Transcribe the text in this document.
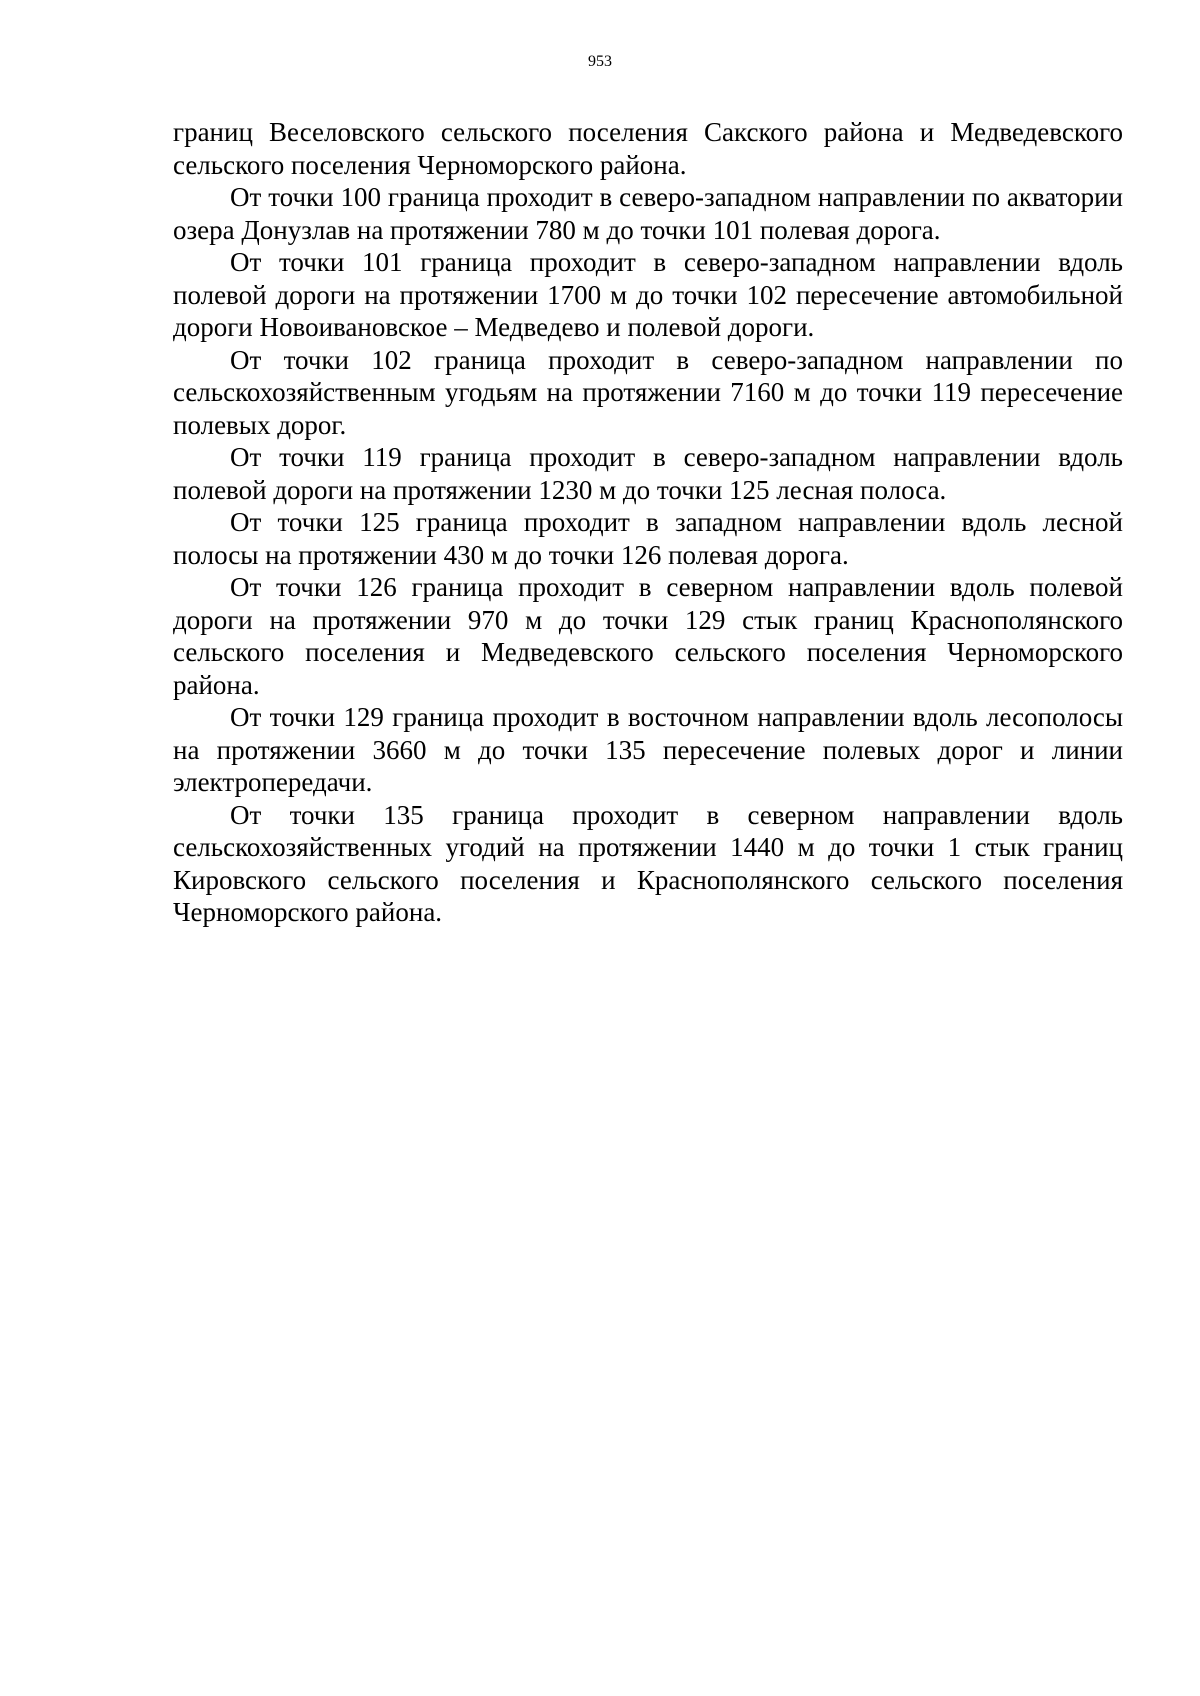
953

границ Веселовского сельского поселения Сакского района и Медведевского сельского поселения Черноморского района.

От точки 100 граница проходит в северо-западном направлении по акватории озера Донузлав на протяжении 780 м до точки 101 полевая дорога.

От точки 101 граница проходит в северо-западном направлении вдоль полевой дороги на протяжении 1700 м до точки 102 пересечение автомобильной дороги Новоивановское – Медведево и полевой дороги.

От точки 102 граница проходит в северо-западном направлении по сельскохозяйственным угодьям на протяжении 7160 м до точки 119 пересечение полевых дорог.

От точки 119 граница проходит в северо-западном направлении вдоль полевой дороги на протяжении 1230 м до точки 125 лесная полоса.

От точки 125 граница проходит в западном направлении вдоль лесной полосы на протяжении 430 м до точки 126 полевая дорога.

От точки 126 граница проходит в северном направлении вдоль полевой дороги на протяжении 970 м до точки 129 стык границ Краснополянского сельского поселения и Медведевского сельского поселения Черноморского района.

От точки 129 граница проходит в восточном направлении вдоль лесополосы на протяжении 3660 м до точки 135 пересечение полевых дорог и линии электропередачи.

От точки 135 граница проходит в северном направлении вдоль сельскохозяйственных угодий на протяжении 1440 м до точки 1 стык границ Кировского сельского поселения и Краснополянского сельского поселения Черноморского района.
